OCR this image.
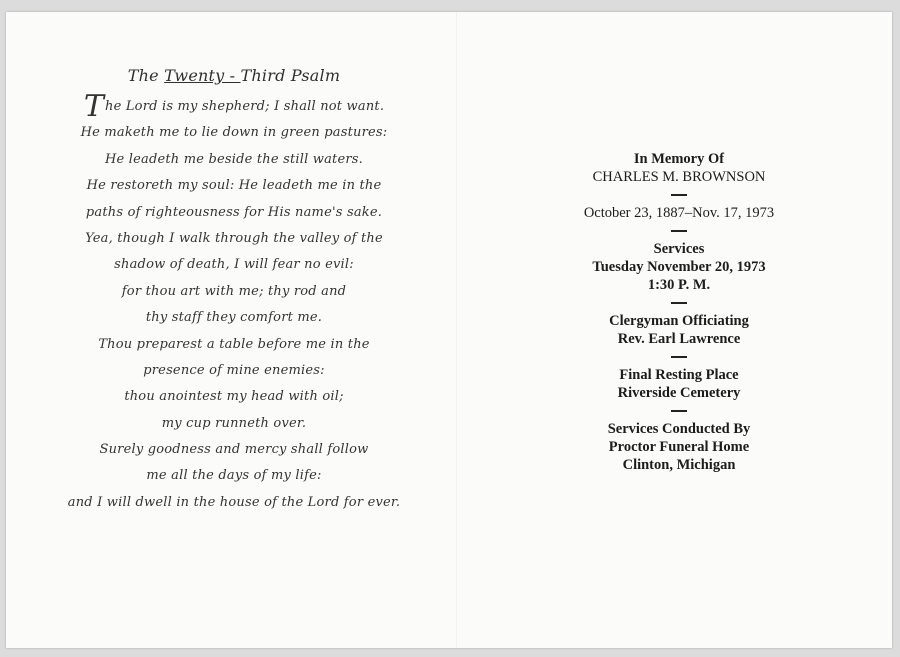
The Twenty - Third Psalm
The Lord is my shepherd; I shall not want.
He maketh me to lie down in green pastures:
He leadeth me beside the still waters.
He restoreth my soul: He leadeth me in the
paths of righteousness for His name's sake.
Yea, though I walk through the valley of the
shadow of death, I will fear no evil:
for thou art with me; thy rod and
thy staff they comfort me.
Thou preparest a table before me in the
presence of mine enemies:
thou anointest my head with oil;
my cup runneth over.
Surely goodness and mercy shall follow
me all the days of my life:
and I will dwell in the house of the Lord for ever.
In Memory Of
CHARLES M. BROWNSON
October 23, 1887–Nov. 17, 1973
Services
Tuesday November 20, 1973
1:30 P. M.
Clergyman Officiating
Rev. Earl Lawrence
Final Resting Place
Riverside Cemetery
Services Conducted By
Proctor Funeral Home
Clinton, Michigan
